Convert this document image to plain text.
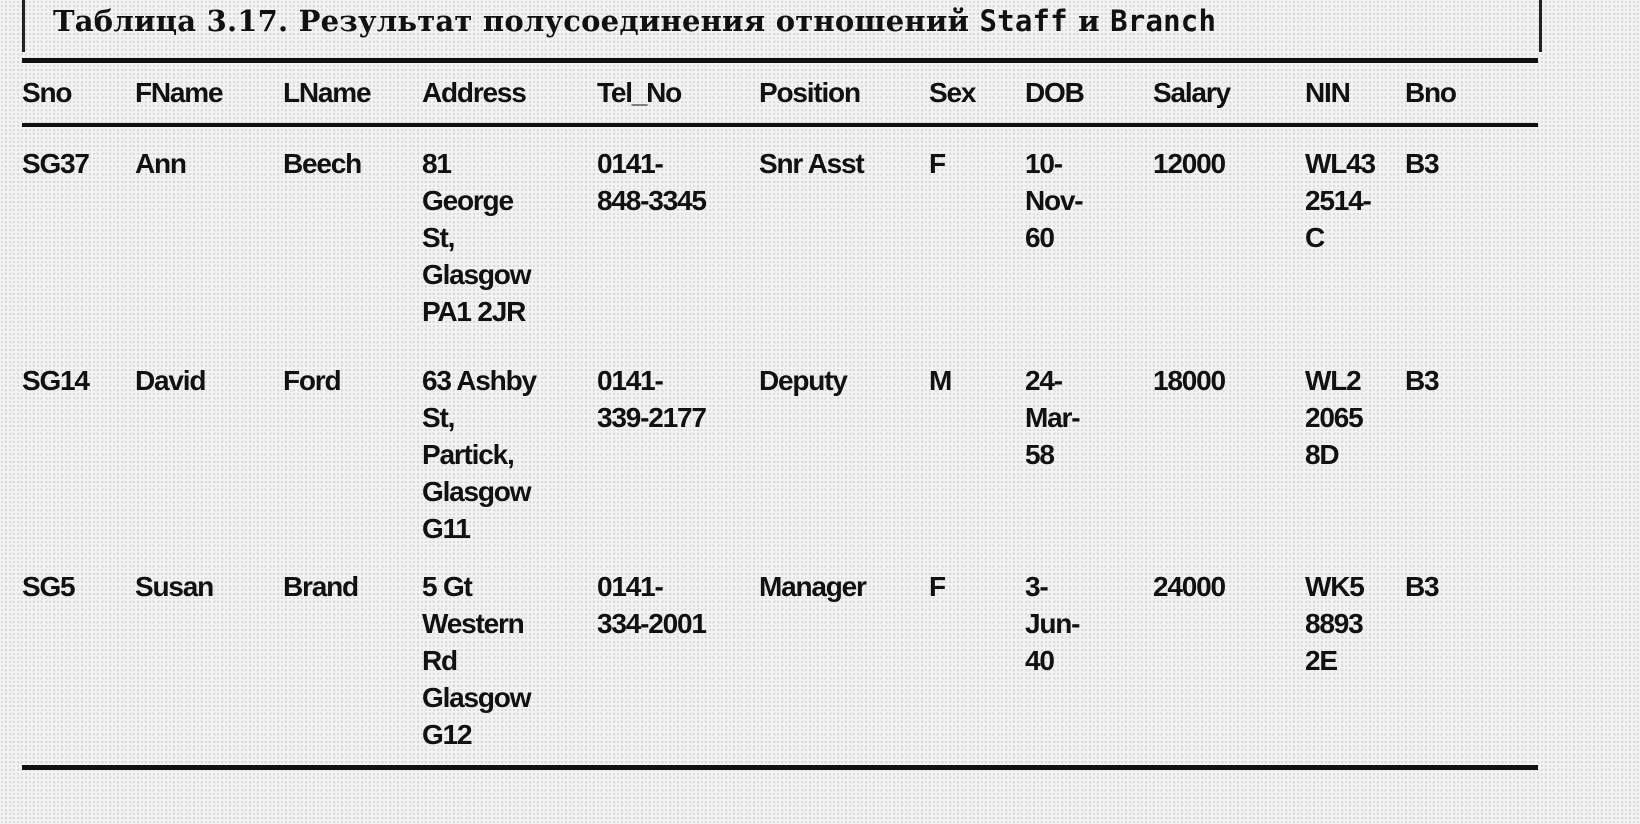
Таблица 3.17. Результат полусоединения отношений Staff и Branch
Sno	FName	LName	Address	Tel_No	Position	Sex	DOB	Salary	NIN	Bno
SG37	Ann	Beech	81
George
St,
Glasgow
PA1 2JR	0141-
848-3345	Snr Asst	F	10-
Nov-
60	12000	WL43
2514-
C	B3
SG14	David	Ford	63 Ashby
St,
Partick,
Glasgow
G11	0141-
339-2177	Deputy	M	24-
Mar-
58	18000	WL2
2065
8D	B3
SG5	Susan	Brand	5 Gt
Western
Rd
Glasgow
G12	0141-
334-2001	Manager	F	3-
Jun-
40	24000	WK5
8893
2E	B3
